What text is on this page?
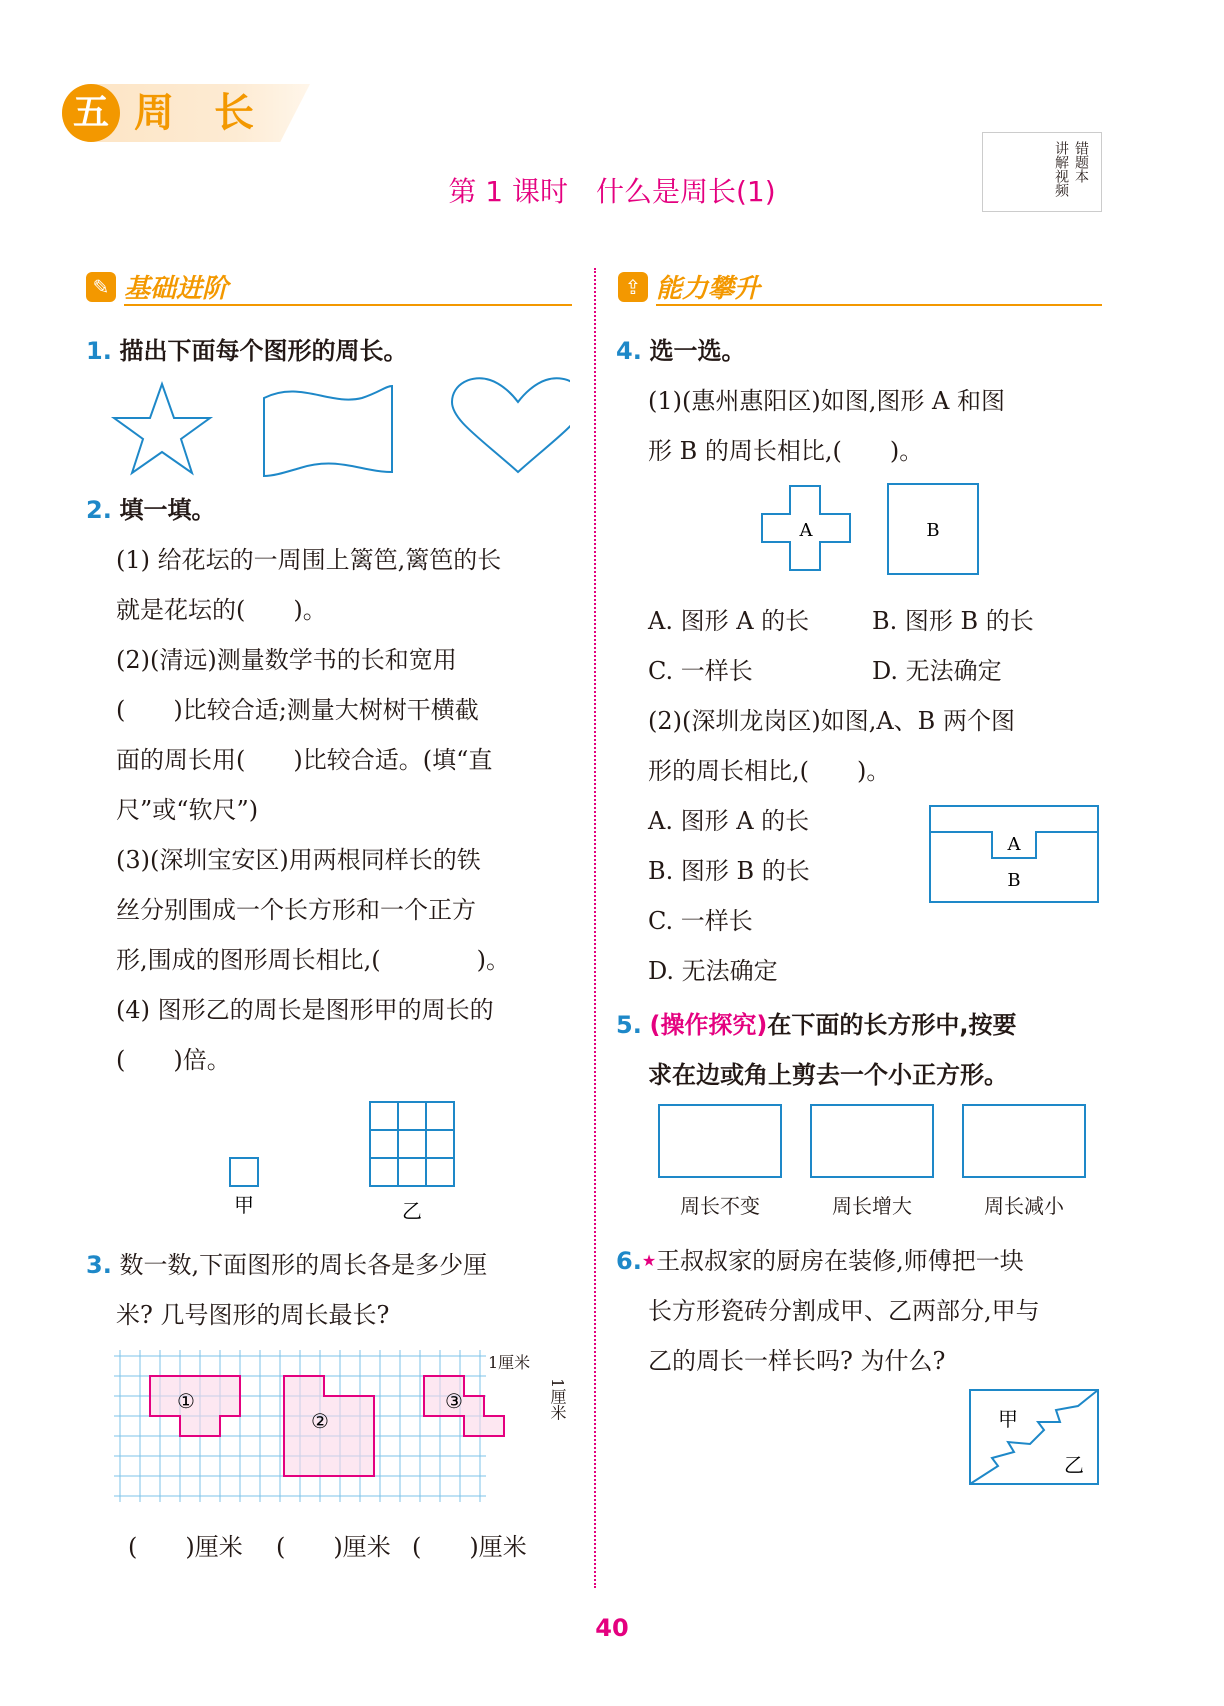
五 周长
第 1 课时　什么是周长(1)
错题本
讲解视频
✎ 基础进阶	⇪ 能力攀升
1. 描出下面每个图形的周长。
2. 填一填。
(1) 给花坛的一周围上篱笆,篱笆的长
就是花坛的(　　)。
(2)(清远)测量数学书的长和宽用
(　　)比较合适;测量大树树干横截
面的周长用(　　)比较合适。(填“直
尺”或“软尺”)
(3)(深圳宝安区)用两根同样长的铁
丝分别围成一个长方形和一个正方
形,围成的图形周长相比,(　　　　)。
(4) 图形乙的周长是图形甲的周长的
(　　)倍。
甲	乙
3. 数一数,下面图形的周长各是多少厘
米? 几号图形的周长最长?
①
②
③
1厘米
1厘米
(　　)厘米 (　　)厘米 (　　)厘米
4. 选一选。
(1)(惠州惠阳区)如图,图形 A 和图
形 B 的周长相比,(　　)。
A	B
A. 图形 A 的长	B. 图形 B 的长
C. 一样长	D. 无法确定
(2)(深圳龙岗区)如图,A、B 两个图
形的周长相比,(　　)。
A. 图形 A 的长
B. 图形 B 的长
C. 一样长
D. 无法确定
A
B
5. (操作探究)在下面的长方形中,按要
求在边或角上剪去一个小正方形。
周长不变	周长增大	周长减小
6.★王叔叔家的厨房在装修,师傅把一块
长方形瓷砖分割成甲、乙两部分,甲与
乙的周长一样长吗? 为什么?
甲
乙
40
